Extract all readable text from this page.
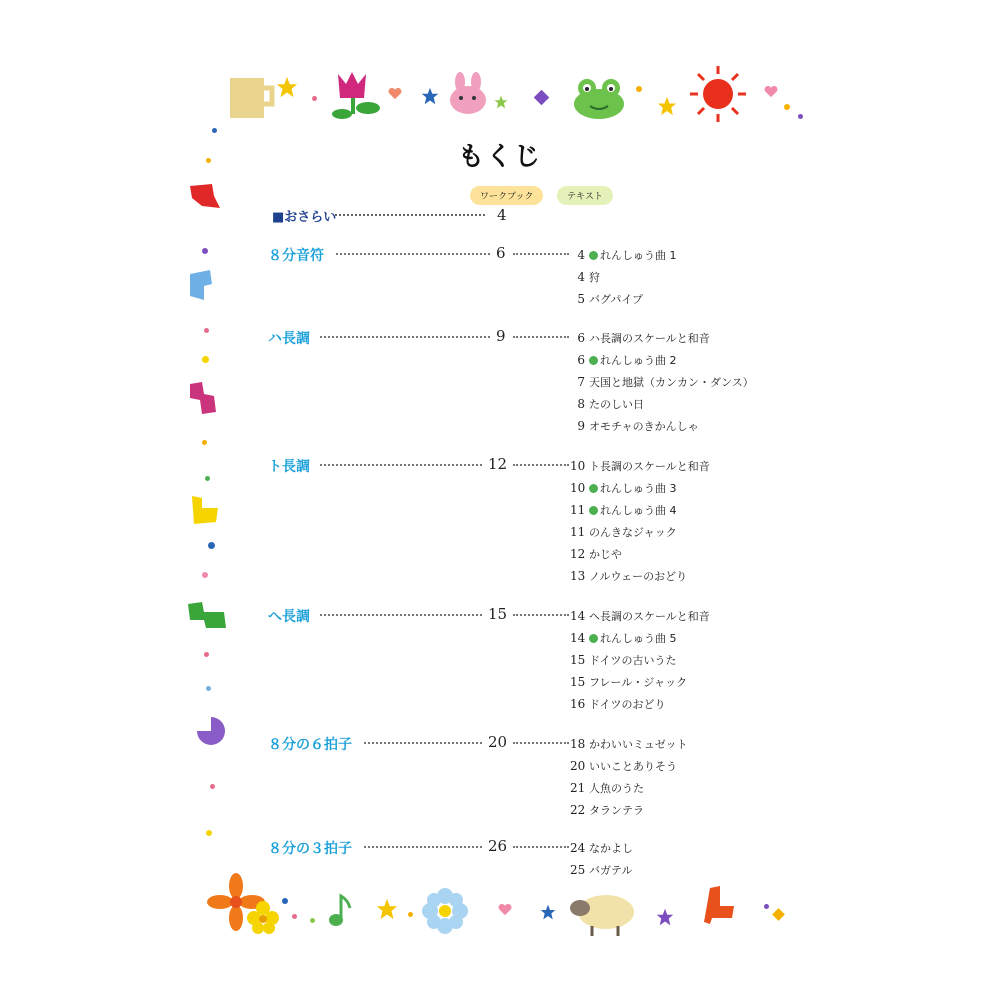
もくじ
ワークブック	テキスト
■おさらい	4
８分音符	6	4 れんしゅう曲 1
4 狩
5 バグパイプ
ハ長調	9	6 ハ長調のスケールと和音
6 れんしゅう曲 2
7 天国と地獄（カンカン・ダンス）
8 たのしい日
9 オモチャのきかんしゃ
ト長調	12	10 ト長調のスケールと和音
10 れんしゅう曲 3
11 れんしゅう曲 4
11 のんきなジャック
12 かじや
13 ノルウェーのおどり
へ長調	15	14 ヘ長調のスケールと和音
14 れんしゅう曲 5
15 ドイツの古いうた
15 フレール・ジャック
16 ドイツのおどり
８分の６拍子	20	18 かわいいミュゼット
20 いいことありそう
21 人魚のうた
22 タランテラ
８分の３拍子	26	24 なかよし
25 バガテル
